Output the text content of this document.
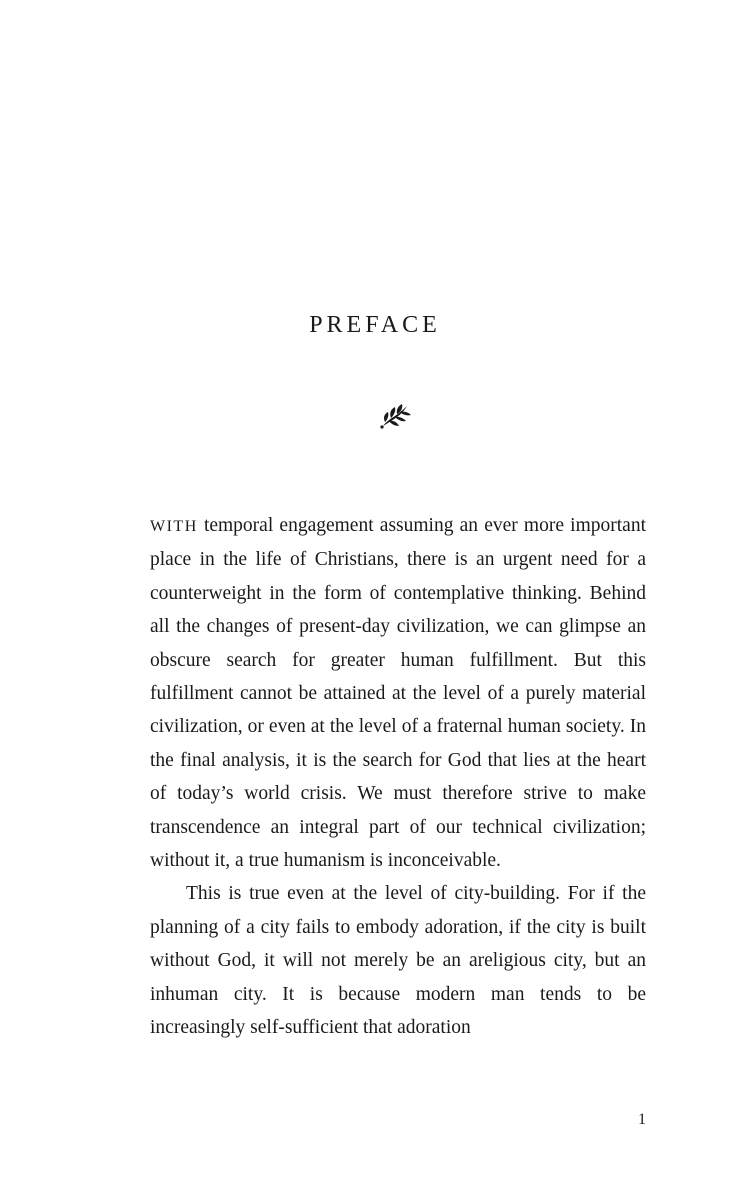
PREFACE

WITH temporal engagement assuming an ever more important place in the life of Christians, there is an urgent need for a counterweight in the form of contemplative thinking. Behind all the changes of present-day civilization, we can glimpse an obscure search for greater human fulfillment. But this fulfillment cannot be attained at the level of a purely material civilization, or even at the level of a fraternal human society. In the final analysis, it is the search for God that lies at the heart of today’s world crisis. We must therefore strive to make transcendence an integral part of our technical civilization; without it, a true humanism is inconceivable.

This is true even at the level of city-building. For if the planning of a city fails to embody adoration, if the city is built without God, it will not merely be an areligious city, but an inhuman city. It is because modern man tends to be increasingly self-sufficient that adoration

1
